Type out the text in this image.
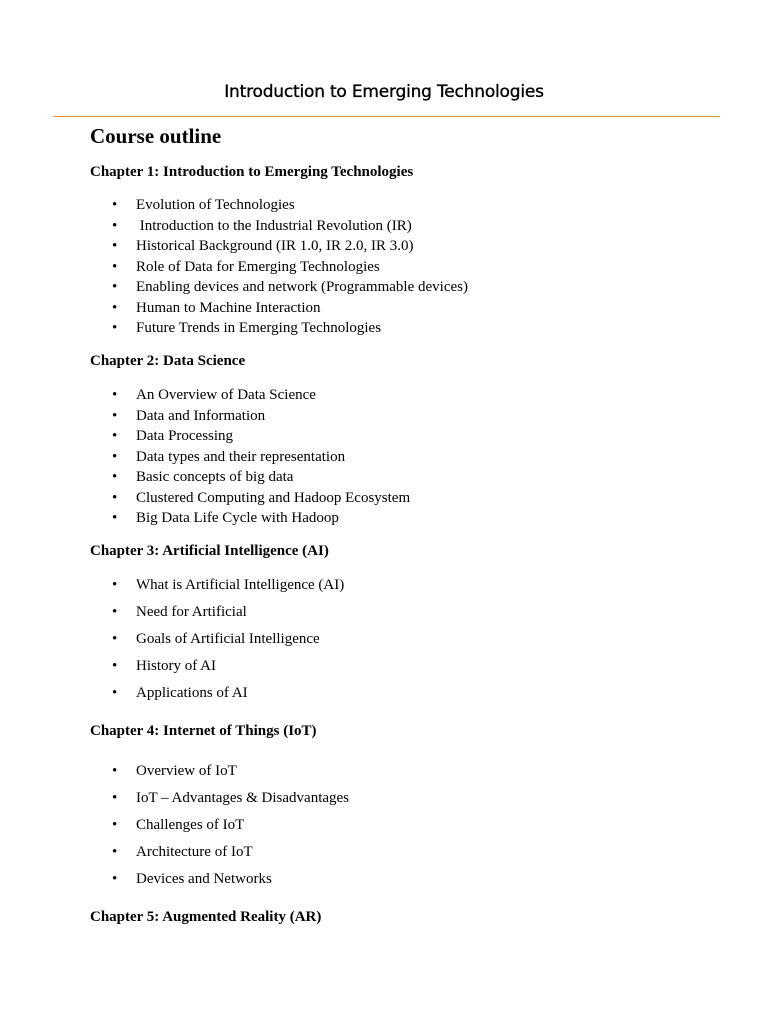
Introduction to Emerging Technologies
Course outline
Chapter 1: Introduction to Emerging Technologies
• Evolution of Technologies
• Introduction to the Industrial Revolution (IR)
• Historical Background (IR 1.0, IR 2.0, IR 3.0)
• Role of Data for Emerging Technologies
• Enabling devices and network (Programmable devices)
• Human to Machine Interaction
• Future Trends in Emerging Technologies
Chapter 2: Data Science
• An Overview of Data Science
• Data and Information
• Data Processing
• Data types and their representation
• Basic concepts of big data
• Clustered Computing and Hadoop Ecosystem
• Big Data Life Cycle with Hadoop
Chapter 3: Artificial Intelligence (AI)
• What is Artificial Intelligence (AI)
• Need for Artificial
• Goals of Artificial Intelligence
• History of AI
• Applications of AI
Chapter 4: Internet of Things (IoT)
• Overview of IoT
• IoT – Advantages & Disadvantages
• Challenges of IoT
• Architecture of IoT
• Devices and Networks
Chapter 5: Augmented Reality (AR)
